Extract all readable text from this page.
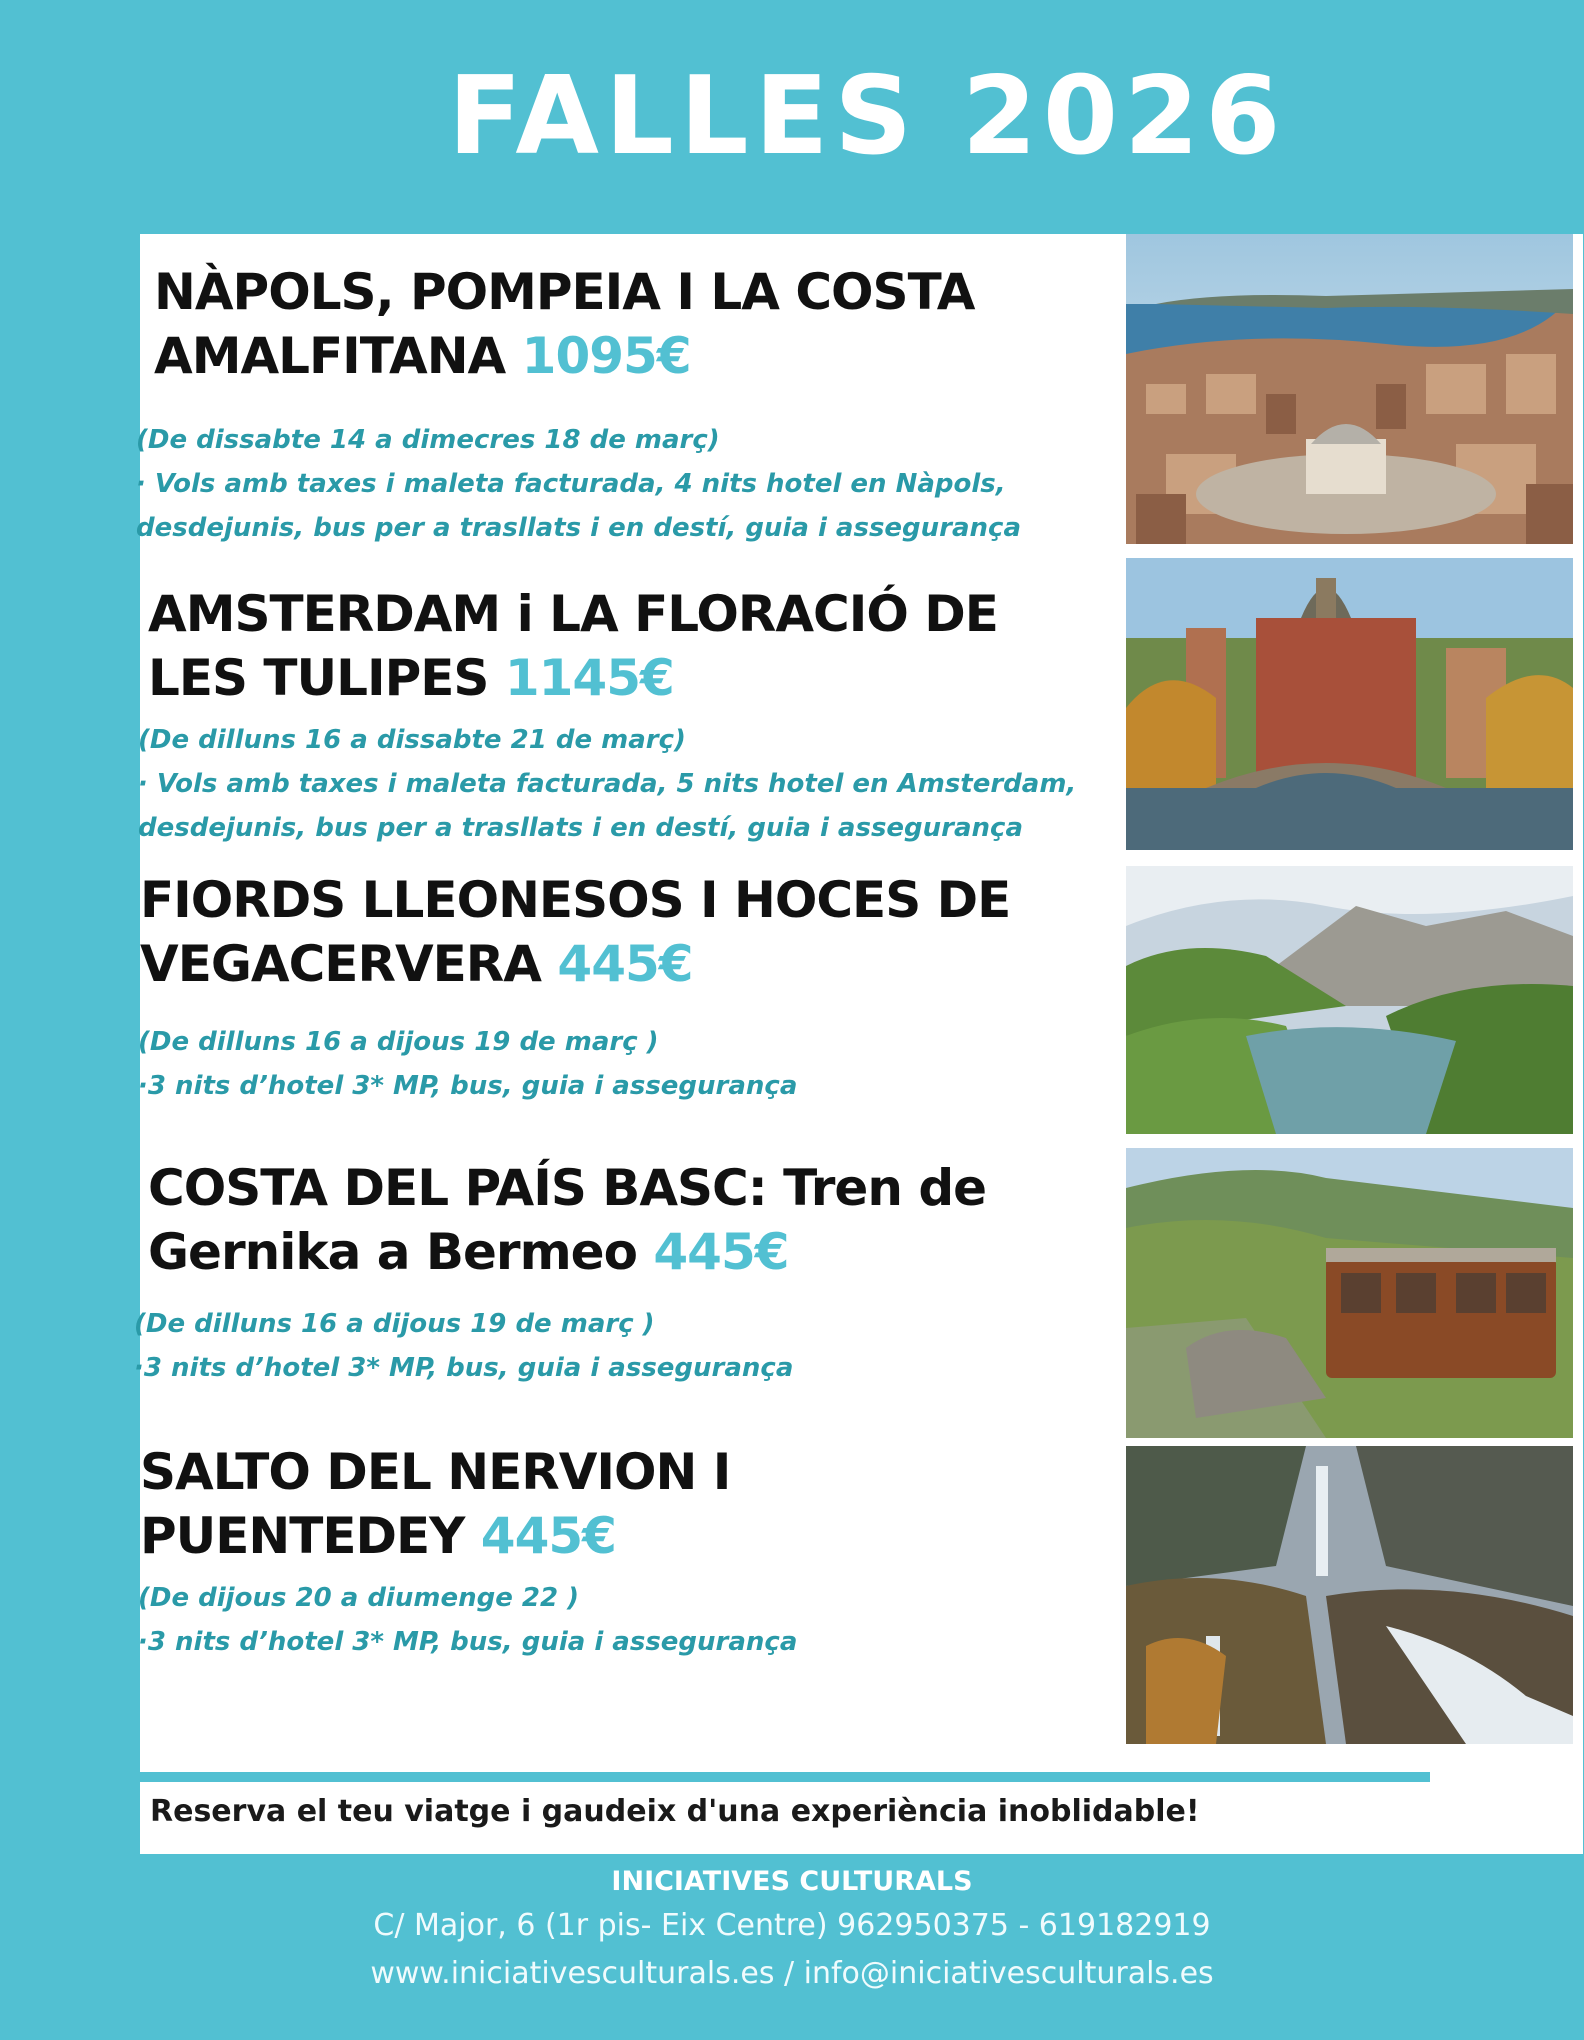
FALLES 2026
NÀPOLS, POMPEIA I LA COSTA
AMALFITANA 1095€
(De dissabte 14 a dimecres 18 de març)
· Vols amb taxes i maleta facturada, 4 nits hotel en Nàpols,
desdejunis, bus per a trasllats i en destí, guia i assegurança
AMSTERDAM i LA FLORACIÓ DE
LES TULIPES 1145€
(De dilluns 16 a dissabte 21 de març)
· Vols amb taxes i maleta facturada, 5 nits hotel en Amsterdam,
desdejunis, bus per a trasllats i en destí, guia i assegurança
FIORDS LLEONESOS I HOCES DE
VEGACERVERA 445€
(De dilluns 16 a dijous 19 de març )
·3 nits d’hotel 3* MP, bus, guia i assegurança
COSTA DEL PAÍS BASC: Tren de
Gernika a Bermeo 445€
(De dilluns 16 a dijous 19 de març )
·3 nits d’hotel 3* MP, bus, guia i assegurança
SALTO DEL NERVION I
PUENTEDEY 445€
(De dijous 20 a diumenge 22 )
·3 nits d’hotel 3* MP, bus, guia i assegurança
Reserva el teu viatge i gaudeix d'una experiència inoblidable!
INICIATIVES CULTURALS
C/ Major, 6 (1r pis- Eix Centre) 962950375 - 619182919
www.iniciativesculturals.es / info@iniciativesculturals.es
